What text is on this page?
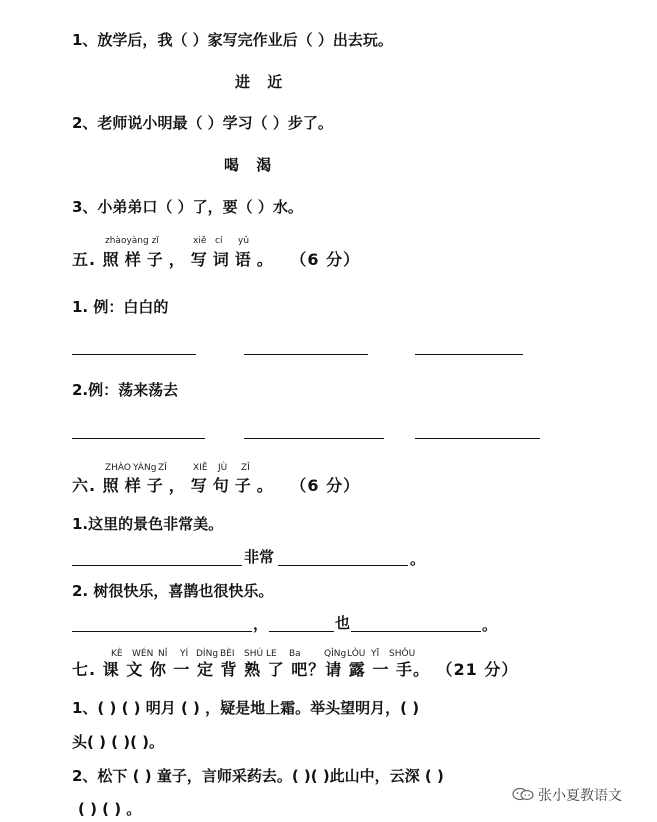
1、放学后，我（ ）家写完作业后（ ）出去玩。
进 近
2、老师说小明最（ ）学习（ ）步了。
喝 渴
3、小弟弟口（ ）了，要（ ）水。
zhàoyàng zǐ	xiě cí yǔ
五. 照样子，写词语。 （6 分）
1. 例：白白的
2.例：荡来荡去
ZHÀO YÀNg ZǏ	XIĚ JÙ ZǏ
六. 照样子，写句子。 （6 分）
1.这里的景色非常美。
非常	。
2. 树很快乐，喜鹊也很快乐。
，	也	。
KÈ WÉN NǏ YÍ DÌNg BÈI SHÚ LE Ba	QǏNg LÒU YĪ SHǑU
七. 课 文 你 一 定 背 熟 了 吧？请 露 一 手。 （21 分）
1、( ) ( ) 明月 ( ) ，疑是地上霜。举头望明月，( )
头( ) ( )( )。
2、松下 ( ) 童子，言师采药去。( )( )此山中，云深 ( )
( ) ( ) 。
张小夏教语文
